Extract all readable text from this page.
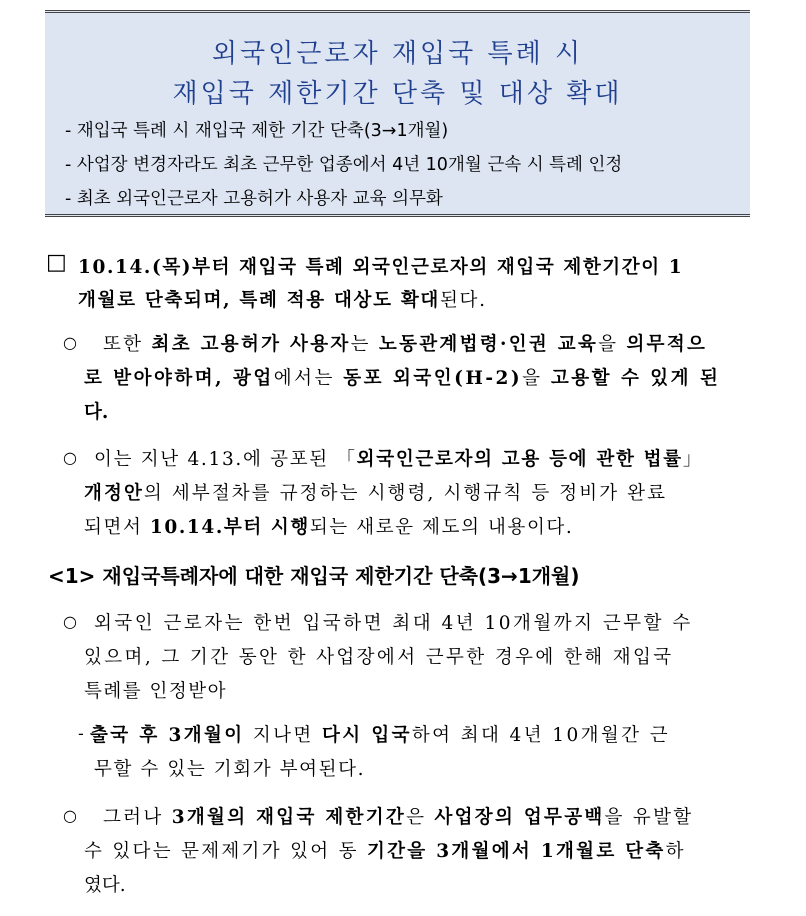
외국인근로자 재입국 특례 시
재입국 제한기간 단축 및 대상 확대
- 재입국 특례 시 재입국 제한 기간 단축(3→1개월)
- 사업장 변경자라도 최초 근무한 업종에서 4년 10개월 근속 시 특례 인정
- 최초 외국인근로자 고용허가 사용자 교육 의무화
□ 10.14.(목)부터 재입국 특례 외국인근로자의 재입국 제한기간이 1
개월로 단축되며, 특례 적용 대상도 확대된다.
○ 또한 최초 고용허가 사용자는 노동관계법령·인권 교육을 의무적으
로 받아야하며, 광업에서는 동포 외국인(H-2)을 고용할 수 있게 된
다.
○ 이는 지난 4.13.에 공포된 「외국인근로자의 고용 등에 관한 법률」
개정안의 세부절차를 규정하는 시행령, 시행규칙 등 정비가 완료
되면서 10.14.부터 시행되는 새로운 제도의 내용이다.
<1> 재입국특례자에 대한 재입국 제한기간 단축(3→1개월)
○ 외국인 근로자는 한번 입국하면 최대 4년 10개월까지 근무할 수
있으며, 그 기간 동안 한 사업장에서 근무한 경우에 한해 재입국
특례를 인정받아
- 출국 후 3개월이 지나면 다시 입국하여 최대 4년 10개월간 근
무할 수 있는 기회가 부여된다.
○ 그러나 3개월의 재입국 제한기간은 사업장의 업무공백을 유발할
수 있다는 문제제기가 있어 동 기간을 3개월에서 1개월로 단축하
였다.
